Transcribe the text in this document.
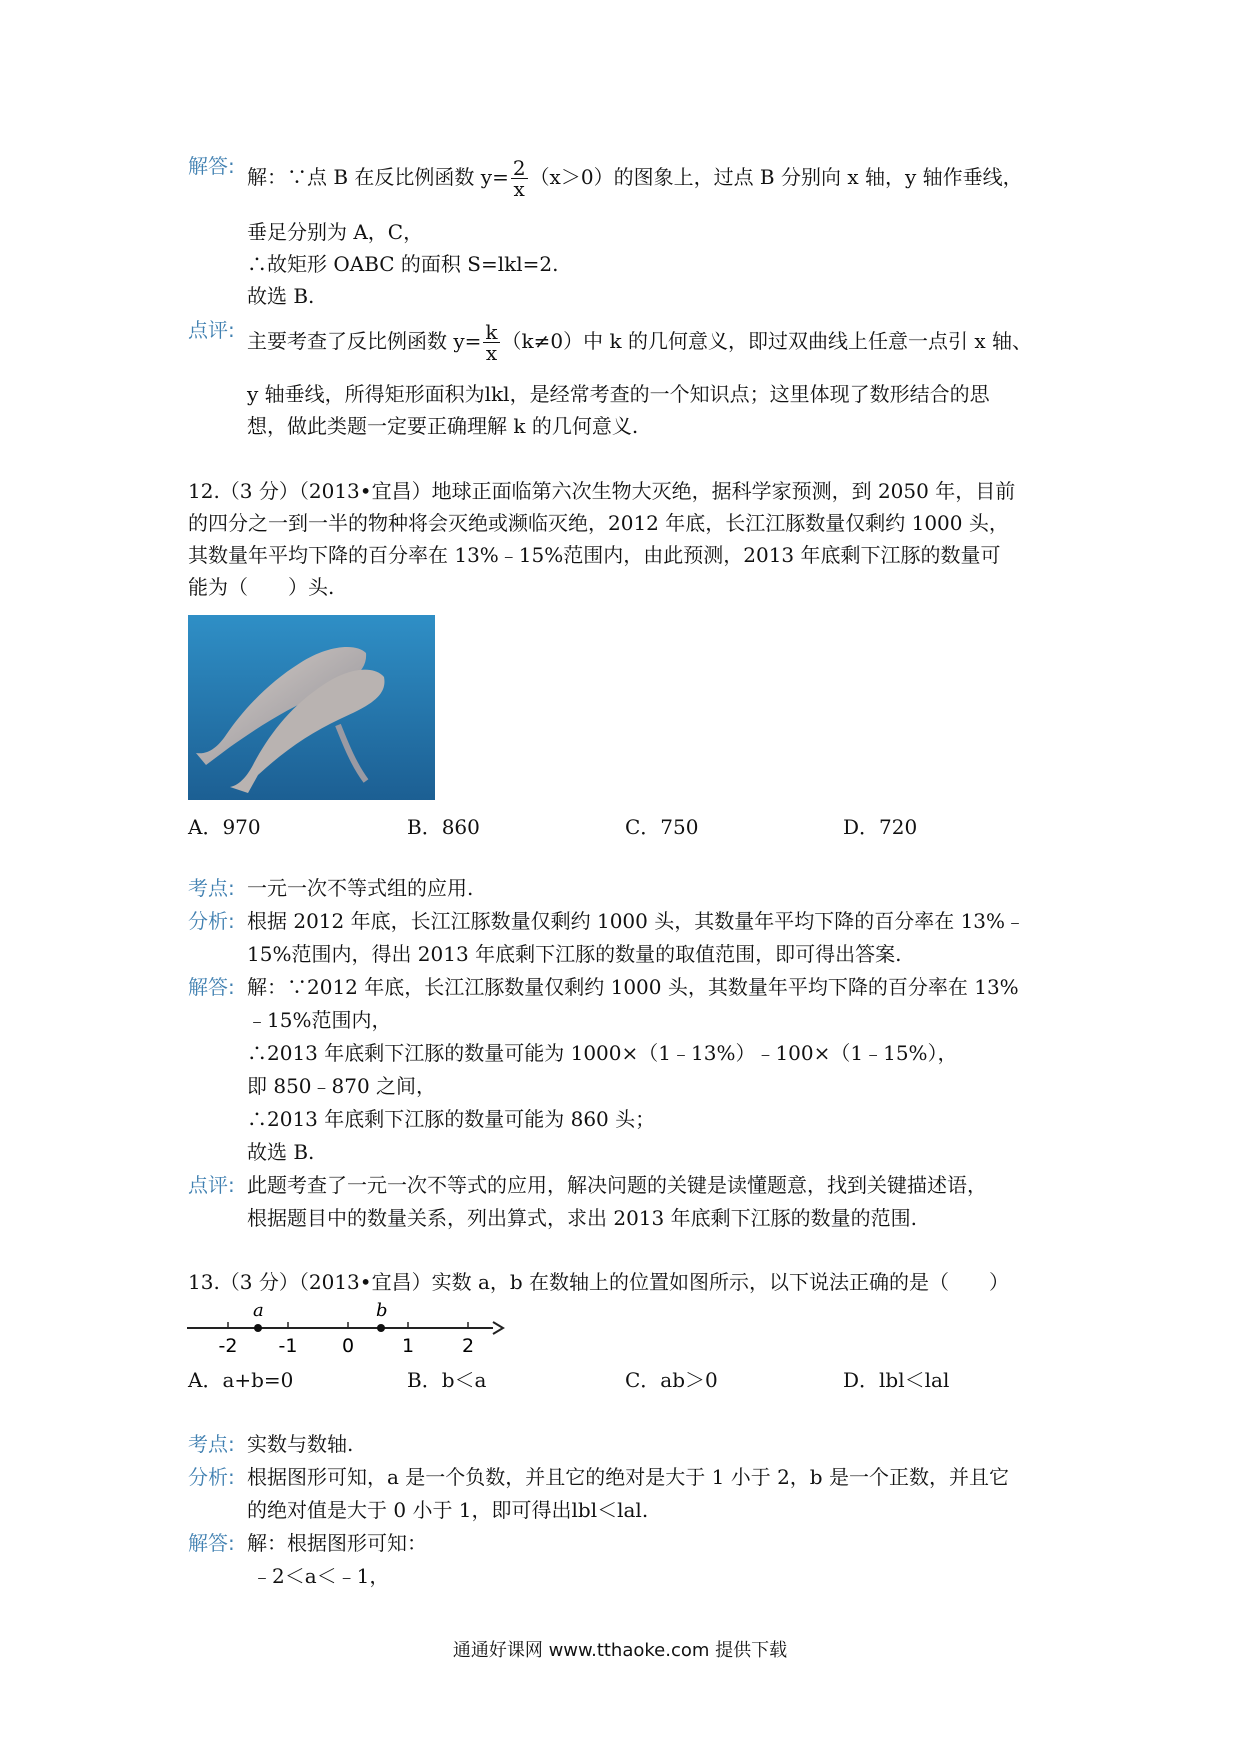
解答: 解：∵点 B 在反比例函数 $y= \frac{2}{x} (x>0)$的图象上，过点 B 分别向 x 轴，y 轴作垂线，
垂足分别为 A，C，
∴故矩形 OABC 的面积 S=lkl=2.
故选 B.
点评: 主要考查了反比例函数 $y= \frac{k}{x} (k\ne 0)$中 k 的几何意义，即过双曲线上任意一点引 x 轴、
y 轴垂线，所得矩形面积为lkl，是经常考查的一个知识点；这里体现了数形结合的思
想，做此类题一定要正确理解 k 的几何意义.
12.（3 分）（2013•宜昌）地球正面临第六次生物大灭绝，据科学家预测，到 2050 年，目前
的四分之一到一半的物种将会灭绝或濒临灭绝，2012 年底，长江江豚数量仅剩约 1000 头，
其数量年平均下降的百分率在 13%﹣15%范围内，由此预测，2013 年底剩下江豚的数量可
能为（　　）头.
A．970	B．860	C．750	D．720
考点: 一元一次不等式组的应用.
分析: 根据 2012 年底，长江江豚数量仅剩约 1000 头，其数量年平均下降的百分率在 13%﹣
15%范围内，得出 2013 年底剩下江豚的数量的取值范围，即可得出答案.
解答: 解：∵2012 年底，长江江豚数量仅剩约 1000 头，其数量年平均下降的百分率在 13%
﹣15%范围内，
∴2013 年底剩下江豚的数量可能为 1000×（1﹣13%）﹣100×（1﹣15%），
即 850﹣870 之间，
∴2013 年底剩下江豚的数量可能为 860 头；
故选 B.
点评: 此题考查了一元一次不等式的应用，解决问题的关键是读懂题意，找到关键描述语，
根据题目中的数量关系，列出算式，求出 2013 年底剩下江豚的数量的范围.
13.（3 分）（2013•宜昌）实数 a，b 在数轴上的位置如图所示，以下说法正确的是（　　）
a	b
-2 -1 0	1	2
A．a+b=0	B．b＜a	C．ab＞0	D．lbl＜lal
考点: 实数与数轴.
分析: 根据图形可知，a 是一个负数，并且它的绝对是大于 1 小于 2，b 是一个正数，并且它
的绝对值是大于 0 小于 1，即可得出lbl＜lal.
解答: 解：根据图形可知：
﹣2＜a＜﹣1，
通通好课网 www.tthaoke.com 提供下载
